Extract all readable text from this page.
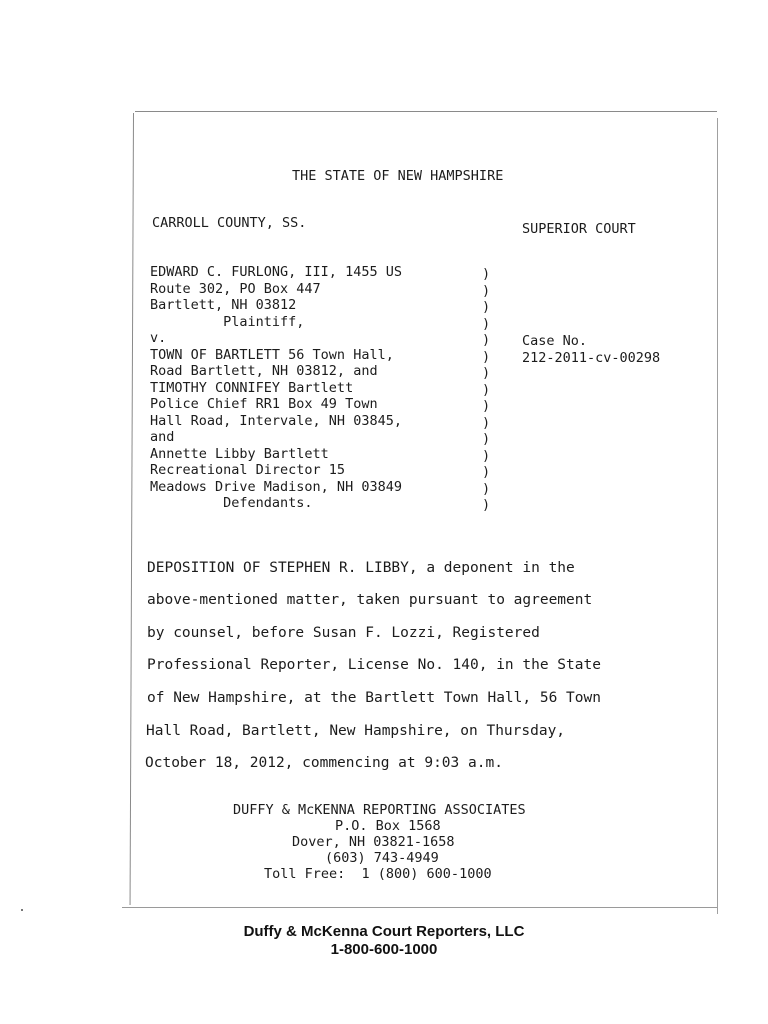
THE STATE OF NEW HAMPSHIRE
CARROLL COUNTY, SS.	SUPERIOR COURT
EDWARD C. FURLONG, III, 1455 US
Route 302, PO Box 447
Bartlett, NH 03812
Plaintiff,
v.
TOWN OF BARTLETT 56 Town Hall,
Road Bartlett, NH 03812, and
TIMOTHY CONNIFEY Bartlett
Police Chief RR1 Box 49 Town
Hall Road, Intervale, NH 03845,
and
Annette Libby Bartlett
Recreational Director 15
Meadows Drive Madison, NH 03849
Defendants.
)
)
)
)
)
)
)
)
)
)
)
)
)
)
)
Case No.
212-2011-cv-00298
DEPOSITION OF STEPHEN R. LIBBY, a deponent in the
above-mentioned matter, taken pursuant to agreement
by counsel, before Susan F. Lozzi, Registered
Professional Reporter, License No. 140, in the State
of New Hampshire, at the Bartlett Town Hall, 56 Town
Hall Road, Bartlett, New Hampshire, on Thursday,
October 18, 2012, commencing at 9:03 a.m.
DUFFY & McKENNA REPORTING ASSOCIATES
P.O. Box 1568
Dover, NH 03821-1658
(603) 743-4949
Toll Free:  1 (800) 600-1000
Duffy & McKenna Court Reporters, LLC
1-800-600-1000
